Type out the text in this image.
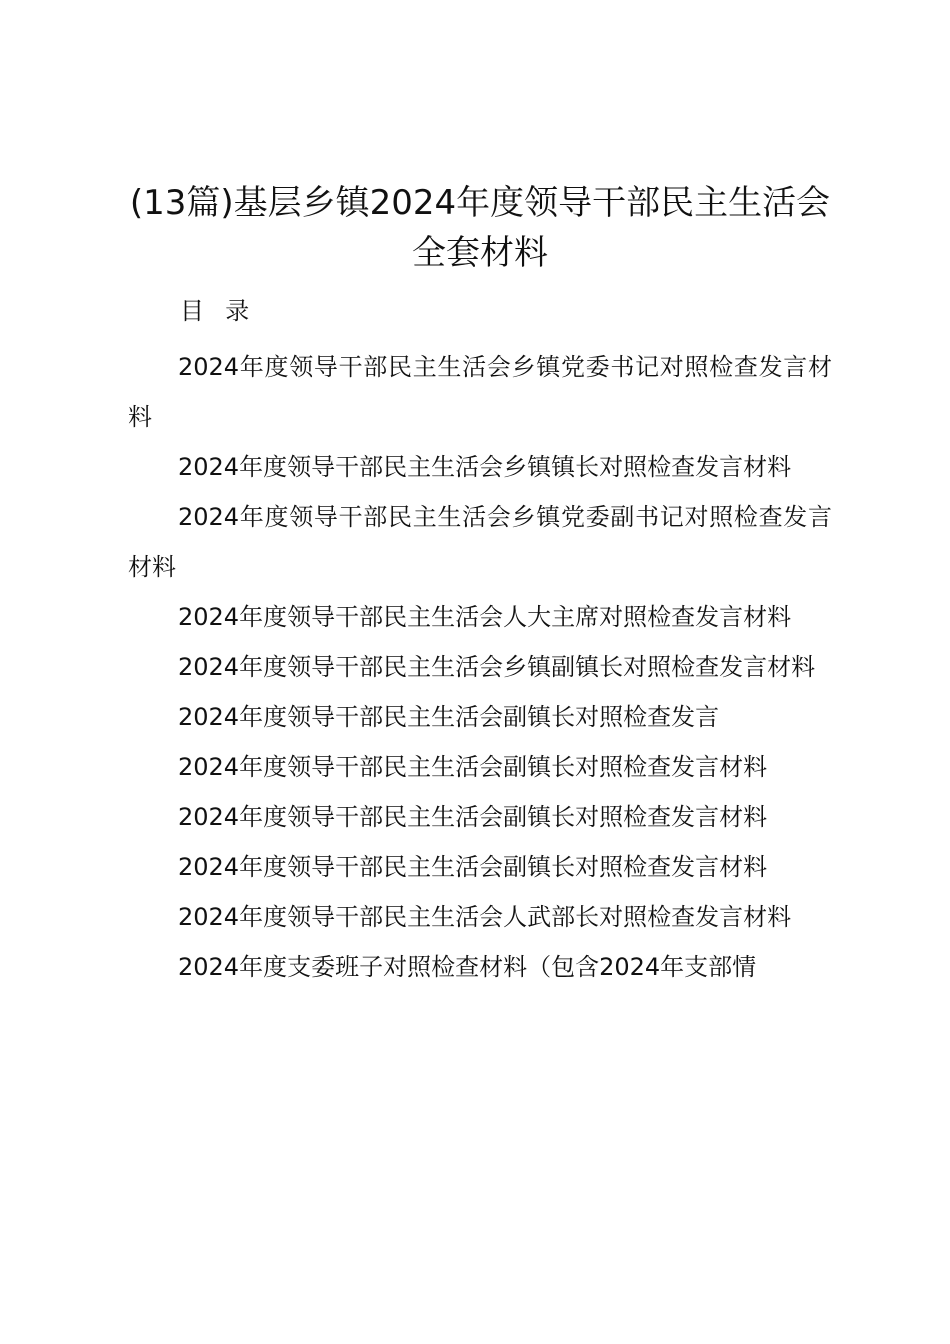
(13篇)基层乡镇2024年度领导干部民主生活会全套材料
目  录
2024年度领导干部民主生活会乡镇党委书记对照检查发言材料
2024年度领导干部民主生活会乡镇镇长对照检查发言材料
2024年度领导干部民主生活会乡镇党委副书记对照检查发言材料
2024年度领导干部民主生活会人大主席对照检查发言材料
2024年度领导干部民主生活会乡镇副镇长对照检查发言材料
2024年度领导干部民主生活会副镇长对照检查发言
2024年度领导干部民主生活会副镇长对照检查发言材料
2024年度领导干部民主生活会副镇长对照检查发言材料
2024年度领导干部民主生活会副镇长对照检查发言材料
2024年度领导干部民主生活会人武部长对照检查发言材料
2024年度支委班子对照检查材料（包含2024年支部情
